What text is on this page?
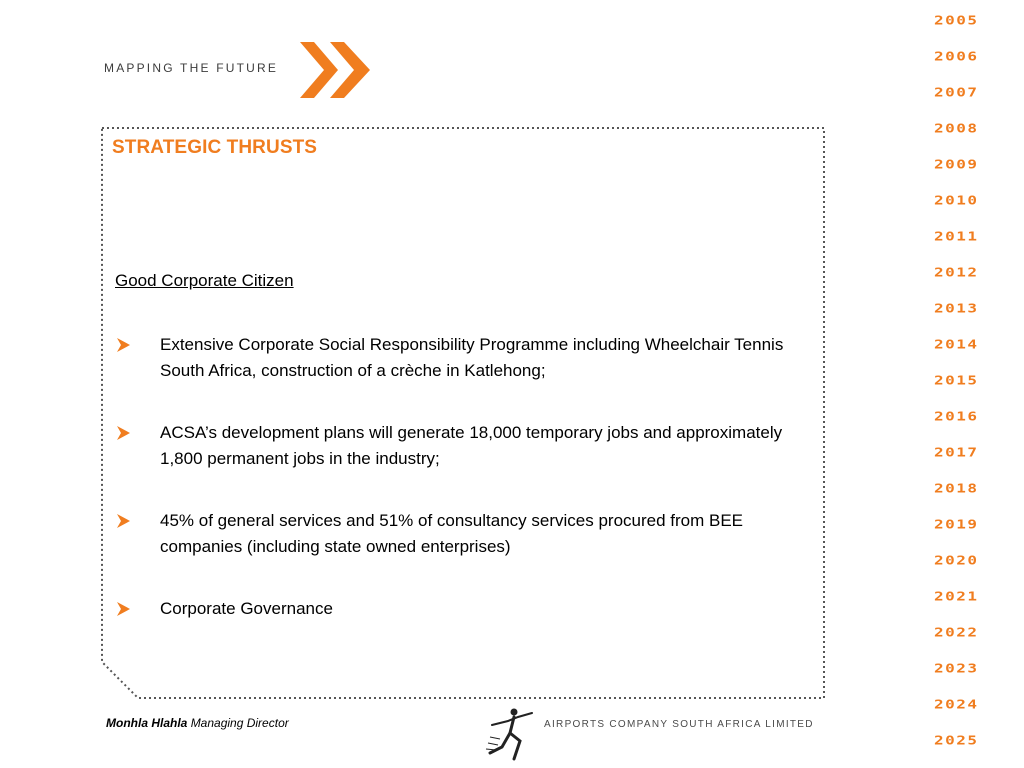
MAPPING THE FUTURE
STRATEGIC THRUSTS
Good Corporate Citizen
Extensive Corporate Social Responsibility Programme including Wheelchair Tennis South Africa, construction of a crèche in Katlehong;
ACSA’s development plans will generate 18,000 temporary jobs and approximately 1,800 permanent jobs in the industry;
45% of general services and 51% of consultancy services procured from BEE companies (including state owned enterprises)
Corporate Governance
2005
2006
2007
2008
2009
2010
2011
2012
2013
2014
2015
2016
2017
2018
2019
2020
2021
2022
2023
2024
2025
Monhla Hlahla Managing Director	AIRPORTS COMPANY SOUTH AFRICA LIMITED
